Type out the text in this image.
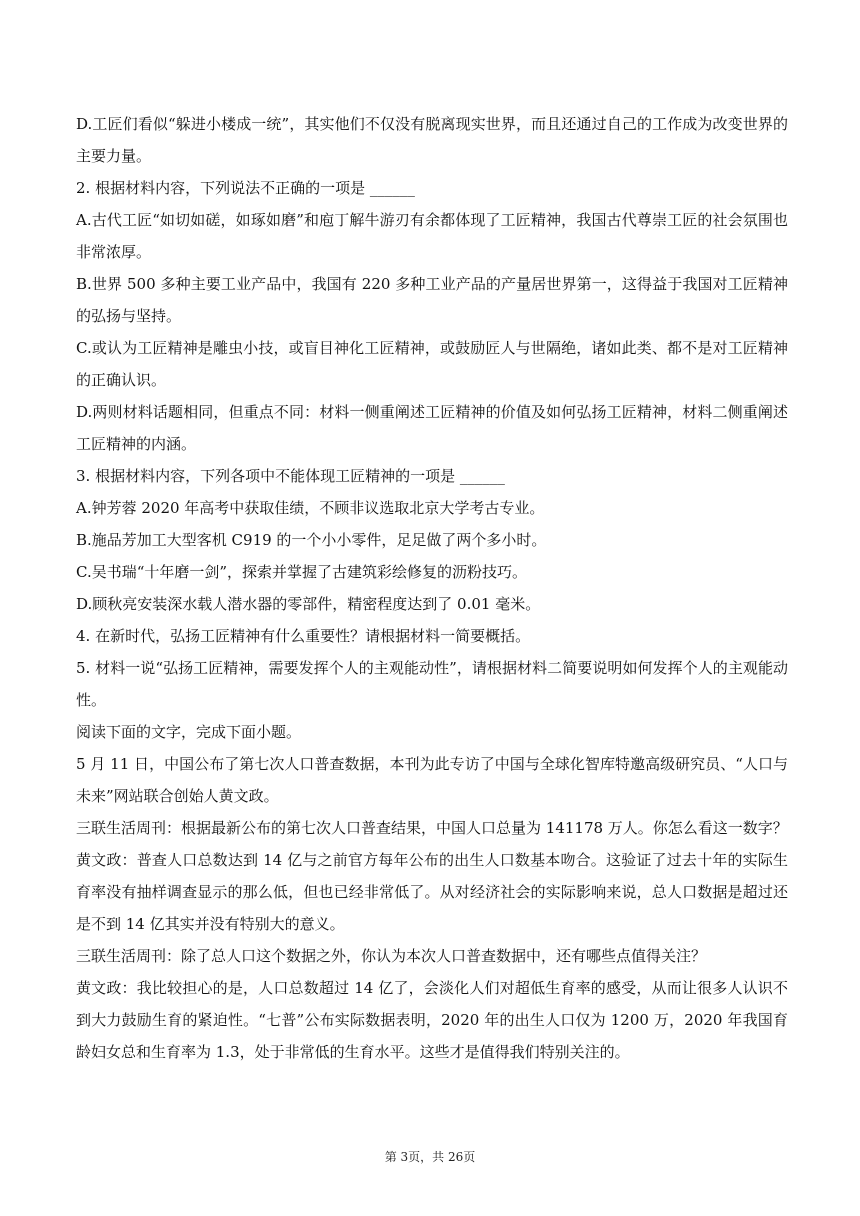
D.工匠们看似“躲进小楼成一统”，其实他们不仅没有脱离现实世界，而且还通过自己的工作成为改变世界的主要力量。

2. 根据材料内容，下列说法不正确的一项是 ______

A.古代工匠“如切如磋，如琢如磨”和庖丁解牛游刃有余都体现了工匠精神，我国古代尊崇工匠的社会氛围也非常浓厚。

B.世界 500 多种主要工业产品中，我国有 220 多种工业产品的产量居世界第一，这得益于我国对工匠精神的弘扬与坚持。

C.或认为工匠精神是雕虫小技，或盲目神化工匠精神，或鼓励匠人与世隔绝，诸如此类、都不是对工匠精神的正确认识。

D.两则材料话题相同，但重点不同：材料一侧重阐述工匠精神的价值及如何弘扬工匠精神，材料二侧重阐述工匠精神的内涵。

3. 根据材料内容，下列各项中不能体现工匠精神的一项是 ______

A.钟芳蓉 2020 年高考中获取佳绩，不顾非议选取北京大学考古专业。

B.施品芳加工大型客机 C919 的一个小小零件，足足做了两个多小时。

C.吴书瑞“十年磨一剑”，探索并掌握了古建筑彩绘修复的沥粉技巧。

D.顾秋亮安装深水载人潜水器的零部件，精密程度达到了 0.01 毫米。

4. 在新时代，弘扬工匠精神有什么重要性？请根据材料一简要概括。

5. 材料一说“弘扬工匠精神，需要发挥个人的主观能动性”，请根据材料二简要说明如何发挥个人的主观能动性。

阅读下面的文字，完成下面小题。

5 月 11 日，中国公布了第七次人口普查数据，本刊为此专访了中国与全球化智库特邀高级研究员、“人口与未来”网站联合创始人黄文政。

三联生活周刊：根据最新公布的第七次人口普查结果，中国人口总量为 141178 万人。你怎么看这一数字？

黄文政：普查人口总数达到 14 亿与之前官方每年公布的出生人口数基本吻合。这验证了过去十年的实际生育率没有抽样调查显示的那么低，但也已经非常低了。从对经济社会的实际影响来说，总人口数据是超过还是不到 14 亿其实并没有特别大的意义。

三联生活周刊：除了总人口这个数据之外，你认为本次人口普查数据中，还有哪些点值得关注？

黄文政：我比较担心的是，人口总数超过 14 亿了，会淡化人们对超低生育率的感受，从而让很多人认识不到大力鼓励生育的紧迫性。“七普”公布实际数据表明，2020 年的出生人口仅为 1200 万，2020 年我国育龄妇女总和生育率为 1.3，处于非常低的生育水平。这些才是值得我们特别关注的。

第 3页，共 26页
